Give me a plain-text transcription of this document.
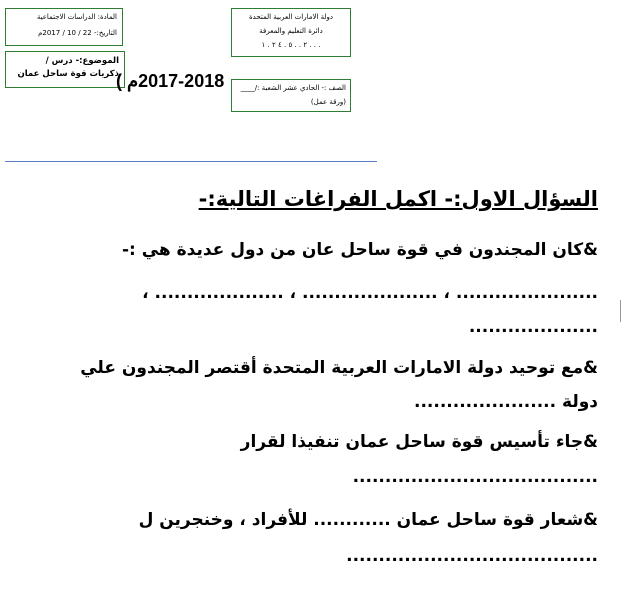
المادة: الدراسات الاجتماعية
التاريخ:- 22 / 10 / 2017م
دولة الامارات العربية المتحدة
دائرة التعليم والمعرفة
. . . ٢ . . ٥ . ٤ ٢ . ١
الموضوع:- درس /
ذكريات قوة ساحل عمان
الصف :- الحادي عشر الشعبة :/____
(ورقة عمل)
2017-2018م )
السؤال الاول:- اكمل الفراغات التالية:-
&كان المجندون في قوة ساحل عان من دول عديدة هي :-
...................... ، ..................... ، .................... ،
....................
&مع توحيد دولة الامارات العربية المتحدة أقتصر المجندون علي
دولة ......................
&جاء تأسيس قوة ساحل عمان تنفيذا لقرار
......................................
&شعار قوة ساحل عمان ............ للأفراد ، وخنجرين ل
.......................................
